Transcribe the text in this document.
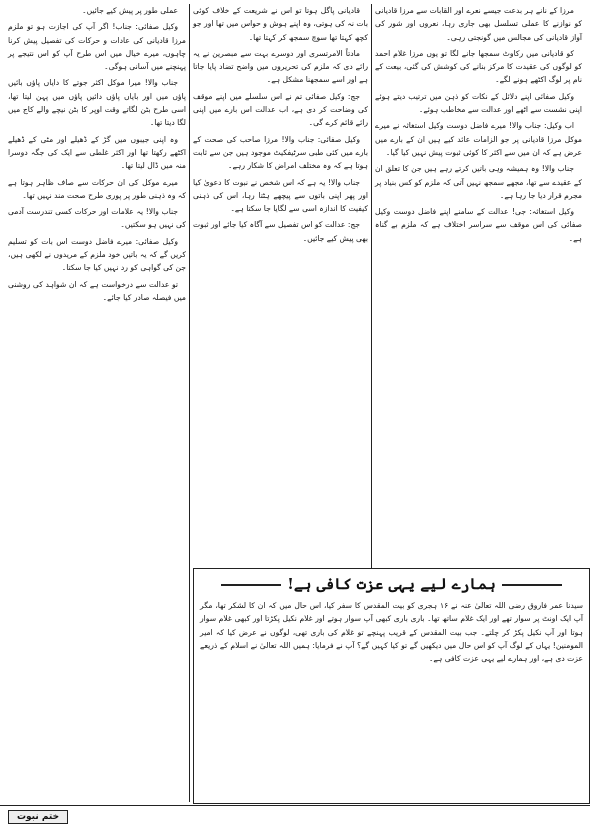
مرزا کے نانے ہر بدعت جیسے نعرے اور القابات سے مرزا قادیانی کو نوازنے کا عملی تسلسل بھی جاری رہا، نعروں اور شور کی آواز قادیانی کی مجالس میں گونجتی رہی۔

کو قادیانی میں رکاوٹ سمجھا جانے لگا تو یوں مرزا غلام احمد کو لوگوں کی عقیدت کا مرکز بنانے کی کوشش کی گئی، بیعت کے نام پر لوگ اکٹھے ہونے لگے۔

وکیل صفائی اپنے دلائل کے نکات کو ذہن میں ترتیب دیتے ہوئے اپنی نشست سے اٹھے اور عدالت سے مخاطب ہوئے۔

اب وکیل: جناب والا! میرے فاضل دوست وکیل استغاثہ نے میرے موکل مرزا قادیانی پر جو الزامات عائد کیے ہیں ان کے بارے میں عرض ہے کہ ان میں سے اکثر کا کوئی ثبوت پیش نہیں کیا گیا۔

جناب والا! وہ ہمیشہ وہی باتیں کرتے رہے ہیں جن کا تعلق ان کے عقیدے سے تھا، مجھے سمجھ نہیں آتی کہ ملزم کو کس بنیاد پر مجرم قرار دیا جا رہا ہے۔

وکیل استغاثہ: جی! عدالت کے سامنے اپنے فاضل دوست وکیل صفائی کی اس موقف سے سراسر اختلاف ہے کہ ملزم بے گناہ ہے۔

قادیانی پاگل ہوتا تو اس نے شریعت کے خلاف کوئی بات نہ کی ہوتی، وہ اپنے ہوش و حواس میں تھا اور جو کچھ کہتا تھا سوچ سمجھ کر کہتا تھا۔

مادتاً الامرتسری اور دوسرے بہت سے مبصرین نے یہ رائے دی کہ ملزم کی تحریروں میں واضح تضاد پایا جاتا ہے اور اسے سمجھنا مشکل ہے۔

جج: وکیل صفائی تم نے اس سلسلے میں اپنے موقف کی وضاحت کر دی ہے، اب عدالت اس بارے میں اپنی رائے قائم کرے گی۔

وکیل صفائی: جناب والا! مرزا صاحب کی صحت کے بارے میں کئی طبی سرٹیفکیٹ موجود ہیں جن سے ثابت ہوتا ہے کہ وہ مختلف امراض کا شکار رہے۔

جناب والا! یہ ہے کہ اس شخص نے نبوت کا دعویٰ کیا اور پھر اپنی باتوں سے پیچھے ہٹتا رہا، اس کی ذہنی کیفیت کا اندازہ اسی سے لگایا جا سکتا ہے۔

جج: عدالت کو اس تفصیل سے آگاہ کیا جائے اور ثبوت بھی پیش کیے جائیں۔

عملی طور پر پیش کیے جائیں۔

وکیل صفائی: جناب! اگر آپ کی اجازت ہو تو ملزم مرزا قادیانی کی عادات و حرکات کی تفصیل پیش کرنا چاہوں، میرے خیال میں اس طرح آپ کو اس نتیجے پر پہنچنے میں آسانی ہوگی۔

جناب والا! میرا موکل اکثر جوتے کا دایاں پاؤں بائیں پاؤں میں اور بایاں پاؤں دائیں پاؤں میں پہن لیتا تھا، اسی طرح بٹن لگاتے وقت اوپر کا بٹن نیچے والے کاج میں لگا دیتا تھا۔

وہ اپنی جیبوں میں گڑ کے ڈھیلے اور مٹی کے ڈھیلے اکٹھے رکھتا تھا اور اکثر غلطی سے ایک کی جگہ دوسرا منہ میں ڈال لیتا تھا۔

میرے موکل کی ان حرکات سے صاف ظاہر ہوتا ہے کہ وہ ذہنی طور پر پوری طرح صحت مند نہیں تھا۔

جناب والا! یہ علامات اور حرکات کسی تندرست آدمی کی نہیں ہو سکتیں۔

وکیل صفائی: میرے فاضل دوست اس بات کو تسلیم کریں گے کہ یہ باتیں خود ملزم کے مریدوں نے لکھی ہیں، جن کی گواہی کو رد نہیں کیا جا سکتا۔

تو عدالت سے درخواست ہے کہ ان شواہد کی روشنی میں فیصلہ صادر کیا جائے۔

ہمارے لیے یہی عزت کافی ہے!
سیدنا عمر فاروق رضی اللہ تعالیٰ عنہ نے ۱۶ ہجری کو بیت المقدس کا سفر کیا، اس حال میں کہ ان کا لشکر تھا، مگر آپ ایک اونٹ پر سوار تھے اور ایک غلام ساتھ تھا۔ باری باری کبھی آپ سوار ہوتے اور غلام نکیل پکڑتا اور کبھی غلام سوار ہوتا اور آپ نکیل پکڑ کر چلتے۔ جب بیت المقدس کے قریب پہنچے تو غلام کی باری تھی، لوگوں نے عرض کیا کہ امیر المومنین! یہاں کے لوگ آپ کو اس حال میں دیکھیں گے تو کیا کہیں گے؟ آپ نے فرمایا: ہمیں اللہ تعالیٰ نے اسلام کے ذریعے عزت دی ہے، اور ہمارے لیے یہی عزت کافی ہے۔
ختم نبوت
